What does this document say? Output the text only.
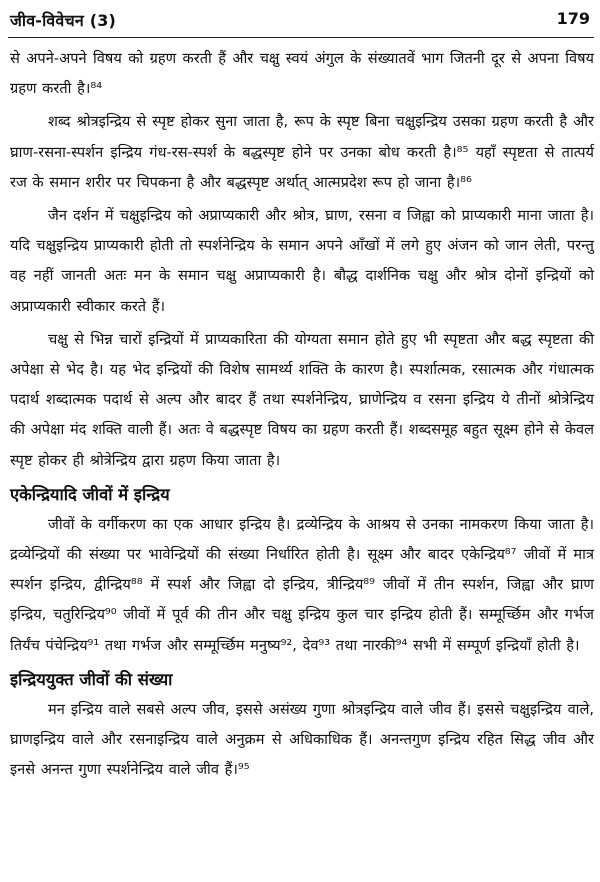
जीव-विवेचन (3)	179

से अपने-अपने विषय को ग्रहण करती हैं और चक्षु स्वयं अंगुल के संख्यातवें भाग जितनी दूर से अपना विषय ग्रहण करती है।⁸⁴

शब्द श्रोत्रइन्द्रिय से स्पृष्ट होकर सुना जाता है, रूप के स्पृष्ट बिना चक्षुइन्द्रिय उसका ग्रहण करती है और घ्राण-रसना-स्पर्शन इन्द्रिय गंध-रस-स्पर्श के बद्धस्पृष्ट होने पर उनका बोध करती है।⁸⁵ यहाँ स्पृष्टता से तात्पर्य रज के समान शरीर पर चिपकना है और बद्धस्पृष्ट अर्थात् आत्मप्रदेश रूप हो जाना है।⁸⁶

जैन दर्शन में चक्षुइन्द्रिय को अप्राप्यकारी और श्रोत्र, घ्राण, रसना व जिह्वा को प्राप्यकारी माना जाता है। यदि चक्षुइन्द्रिय प्राप्यकारी होती तो स्पर्शनेन्द्रिय के समान अपने आँखों में लगे हुए अंजन को जान लेती, परन्तु वह नहीं जानती अतः मन के समान चक्षु अप्राप्यकारी है। बौद्ध दार्शनिक चक्षु और श्रोत्र दोनों इन्द्रियों को अप्राप्यकारी स्वीकार करते हैं।

चक्षु से भिन्न चारों इन्द्रियों में प्राप्यकारिता की योग्यता समान होते हुए भी स्पृष्टता और बद्ध स्पृष्टता की अपेक्षा से भेद है। यह भेद इन्द्रियों की विशेष सामर्थ्य शक्ति के कारण है। स्पर्शात्मक, रसात्मक और गंधात्मक पदार्थ शब्दात्मक पदार्थ से अल्प और बादर हैं तथा स्पर्शनेन्द्रिय, घ्राणेन्द्रिय व रसना इन्द्रिय ये तीनों श्रोत्रेन्द्रिय की अपेक्षा मंद शक्ति वाली हैं। अतः वे बद्धस्पृष्ट विषय का ग्रहण करती हैं। शब्दसमूह बहुत सूक्ष्म होने से केवल स्पृष्ट होकर ही श्रोत्रेन्द्रिय द्वारा ग्रहण किया जाता है।

एकेन्द्रियादि जीवों में इन्द्रिय

जीवों के वर्गीकरण का एक आधार इन्द्रिय है। द्रव्येन्द्रिय के आश्रय से उनका नामकरण किया जाता है। द्रव्येन्द्रियों की संख्या पर भावेन्द्रियों की संख्या निर्धारित होती है। सूक्ष्म और बादर एकेन्द्रिय⁸⁷ जीवों में मात्र स्पर्शन इन्द्रिय, द्वीन्द्रिय⁸⁸ में स्पर्श और जिह्वा दो इन्द्रिय, त्रीन्द्रिय⁸⁹ जीवों में तीन स्पर्शन, जिह्वा और घ्राण इन्द्रिय, चतुरिन्द्रिय⁹⁰ जीवों में पूर्व की तीन और चक्षु इन्द्रिय कुल चार इन्द्रिय होती हैं। सम्मूर्च्छिम और गर्भज तिर्यंच पंचेन्द्रिय⁹¹ तथा गर्भज और सम्मूर्च्छिम मनुष्य⁹², देव⁹³ तथा नारकी⁹⁴ सभी में सम्पूर्ण इन्द्रियाँ होती है।

इन्द्रिययुक्त जीवों की संख्या

मन इन्द्रिय वाले सबसे अल्प जीव, इससे असंख्य गुणा श्रोत्रइन्द्रिय वाले जीव हैं। इससे चक्षुइन्द्रिय वाले, घ्राणइन्द्रिय वाले और रसनाइन्द्रिय वाले अनुक्रम से अधिकाधिक हैं। अनन्तगुण इन्द्रिय रहित सिद्ध जीव और इनसे अनन्त गुणा स्पर्शनेन्द्रिय वाले जीव हैं।⁹⁵
